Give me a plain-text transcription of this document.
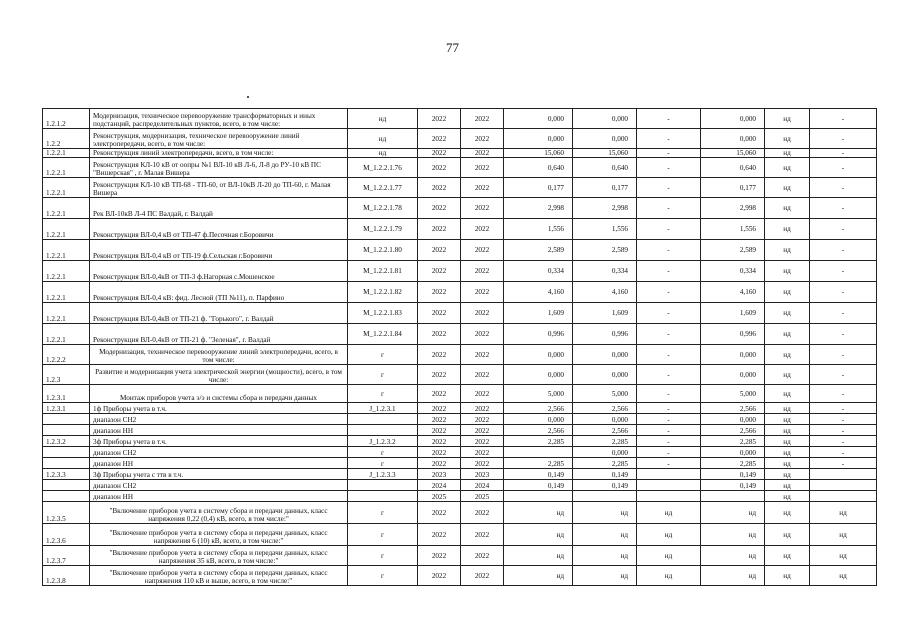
77
1.2.1.2	Модернизация, техническое перевооружение трансформаторных и иных подстанций, распределительных пунктов, всего, в том числе:	нд	2022	2022	0,000	0,000	-	0,000	нд	-
1.2.2	Реконструкция, модернизация, техническое перевооружение линий электропередачи, всего, в том числе:	нд	2022	2022	0,000	0,000	-	0,000	нд	-
1.2.2.1	Реконструкция линий электропередачи, всего, в том числе:	нд	2022	2022	15,060	15,060	-	15,060	нд	-
1.2.2.1	Реконструкция КЛ-10 кВ от оопры №1 ВЛ-10 кВ Л-6, Л-8 до РУ-10 кВ ПС "Вишерская" , г. Малая Вишера	M_1.2.2.1.76	2022	2022	0,640	0,640	-	0,640	нд	-
1.2.2.1	Реконструкция КЛ-10 кВ ТП-68 - ТП-60, от ВЛ-10кВ Л-20 до ТП-60, г. Малая Вишера	M_1.2.2.1.77	2022	2022	0,177	0,177	-	0,177	нд	-
1.2.2.1	Рек ВЛ-10кВ Л-4 ПС Валдай, г. Валдай	M_1.2.2.1.78	2022	2022	2,998	2,998	-	2,998	нд	-
1.2.2.1	Реконструкция ВЛ-0,4 кВ от ТП-47 ф.Песочная г.Боровичи	M_1.2.2.1.79	2022	2022	1,556	1,556	-	1,556	нд	-
1.2.2.1	Реконструкция ВЛ-0,4 кВ от ТП-19 ф.Сельская г.Боровичи	M_1.2.2.1.80	2022	2022	2,589	2,589	-	2,589	нд	-
1.2.2.1	Реконструкция ВЛ-0,4кВ от ТП-3 ф.Нагорная с.Мошенское	M_1.2.2.1.81	2022	2022	0,334	0,334	-	0,334	нд	-
1.2.2.1	Реконструкция ВЛ-0,4 кВ: фид. Лесной (ТП №11), п. Парфино	M_1.2.2.1.82	2022	2022	4,160	4,160	-	4,160	нд	-
1.2.2.1	Реконструкция ВЛ-0,4кВ от ТП-21 ф. "Горького", г. Валдай	M_1.2.2.1.83	2022	2022	1,609	1,609	-	1,609	нд	-
1.2.2.1	Реконструкция ВЛ-0,4кВ от ТП-21 ф. "Зеленая", г. Валдай	M_1.2.2.1.84	2022	2022	0,996	0,996	-	0,996	нд	-
1.2.2.2	Модернизация, техническое перевооружение линий электропередачи, всего, в том числе:	г	2022	2022	0,000	0,000	-	0,000	нд	-
1.2.3	Развитие и модернизация учета электрической энергии (мощности), всего, в том числе:	г	2022	2022	0,000	0,000	-	0,000	нд	-
1.2.3.1	Монтаж приборов учета э/э и системы сбора и передачи данных	г	2022	2022	5,000	5,000	-	5,000	нд	-
1.2.3.1	1ф Приборы учета в т.ч.	J_1.2.3.1	2022	2022	2,566	2,566	-	2,566	нд	-
	диапазон СН2		2022	2022	0,000	0,000	-	0,000	нд	-
	диапазон НН		2022	2022	2,566	2,566	-	2,566	нд	-
1.2.3.2	3ф Приборы учета в т.ч.	J_1.2.3.2	2022	2022	2,285	2,285	-	2,285	нд	-
	диапазон СН2	г	2022	2022		0,000	-	0,000	нд	-
	диапазон НН	г	2022	2022	2,285	2,285	-	2,285	нд	-
1.2.3.3	3ф Приборы учета с ттв в т.ч.	J_1.2.3.3	2023	2023	0,149	0,149		0,149	нд	
	диапазон СН2		2024	2024	0,149	0,149		0,149	нд	
	диапазон НН		2025	2025					нд	
1.2.3.5	"Включение приборов учета в систему сбора и передачи данных, класс напряжения 0,22 (0,4) кВ, всего, в том числе:"	г	2022	2022	нд	нд	нд	нд	нд	нд
1.2.3.6	"Включение приборов учета в систему сбора и передачи данных, класс напряжения 6 (10) кВ, всего, в том числе:"	г	2022	2022	нд	нд	нд	нд	нд	нд
1.2.3.7	"Включение приборов учета в систему сбора и передачи данных, класс напряжения 35 кВ, всего, в том числе:"	г	2022	2022	нд	нд	нд	нд	нд	нд
1.2.3.8	"Включение приборов учета в систему сбора и передачи данных, класс напряжения 110 кВ и выше, всего, в том числе:"	г	2022	2022	нд	нд	нд	нд	нд	нд
